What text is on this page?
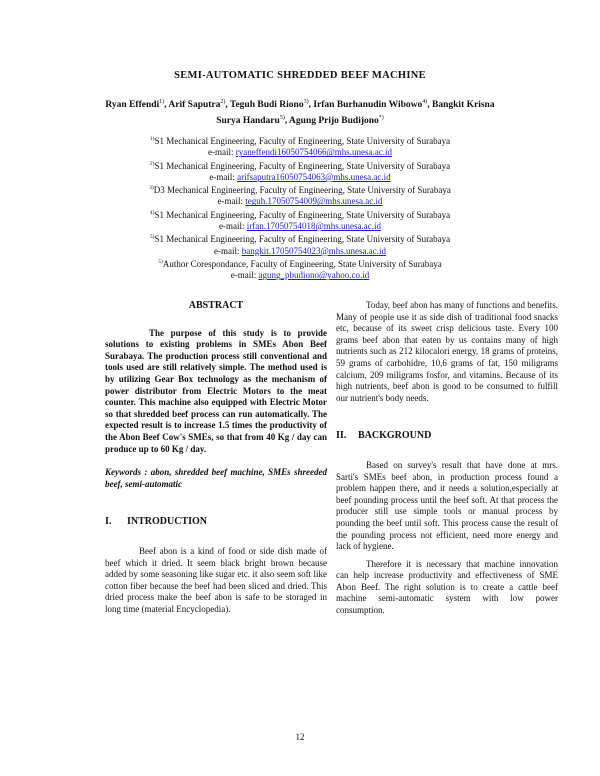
SEMI-AUTOMATIC SHREDDED BEEF MACHINE
Ryan Effendi$^{1)}$, Arif Saputra$^{2)}$, Teguh Budi Riono$^{3)}$, Irfan Burhanudin Wibowo$^{4)}$, Bangkit Krisna Surya Handaru$^{5)}$, Agung Prijo Budijono*)
$^{1)}$S1 Mechanical Engineering, Faculty of Engineering, State University of Surabaya
e-mail: ryaneffendi16050754066@mhs.unesa.ac.id
$^{2)}$S1 Mechanical Engineering, Faculty of Engineering, State University of Surabaya
e-mail: arifsaputra16050754063@mhs.unesa.ac.id
$^{3)}$D3 Mechanical Engineering, Faculty of Engineering, State University of Surabaya
e-mail: teguh.17050754009@mhs.unesa.ac.id
$^{4)}$S1 Mechanical Engineering, Faculty of Engineering, State University of Surabaya
e-mail: irfan.17050754018@mhs.unesa.ac.id
$^{5)}$S1 Mechanical Engineering, Faculty of Engineering, State University of Surabaya
e-mail: bangkit.17050754023@mhs.unesa.ac.id
$^{5)}$Author Corespondance, Faculty of Engineering, State University of Surabaya
e-mail: agung_pbudiono@yahoo.co.id
ABSTRACT

The purpose of this study is to provide solutions to existing problems in SMEs Abon Beef Surabaya. The production process still conventional and tools used are still relatively simple. The method used is by utilizing Gear Box technology as the mechanism of power distributor from Electric Motors to the meat counter. This machine also equipped with Electric Motor so that shredded beef process can run automatically. The expected result is to increase 1.5 times the productivity of the Abon Beef Cow's SMEs, so that from 40 Kg / day can produce up to 60 Kg / day.

Keywords : abon, shredded beef machine, SMEs shreeded beef, semi-automatic

I. INTRODUCTION

Beef abon is a kind of food or side dish made of beef which it dried. It seem black bright brown because added by some seasoning like sugar etc. it also seem soft like cotton fiber because the beef had been sliced and dried. This dried process make the beef abon is safe to be storaged in long time (material Encyclopedia).

Today, beef abon has many of functions and benefits. Many of people use it as side dish of traditional food snacks etc, because of its sweet crisp delicious taste. Every 100 grams beef abon that eaten by us contains many of high nutrients such as 212 kilocalori energy, 18 grams of proteins, 59 grams of carbohidre, 10,6 grams of fat, 150 miligrams calcium, 209 miligrams fosfor, and vitamins. Because of its high nutrients, beef abon is good to be consumed to fulfill our nutrient's body needs.

II. BACKGROUND

Based on survey's result that have done at mrs. Sarti's SMEs beef abon, in production process found a problem happen there, and it needs a solution,especially at beef pounding process until the beef soft. At that process the producer still use simple tools or manual process by pounding the beef until soft. This process cause the result of the pounding process not efficient, need more energy and lack of hygiene.

Therefore it is necessary that machine innovation can help increase productivity and effectiveness of SME Abon Beef. The right solution is to create a cattle beef machine semi-automatic system with low power consumption.

12
